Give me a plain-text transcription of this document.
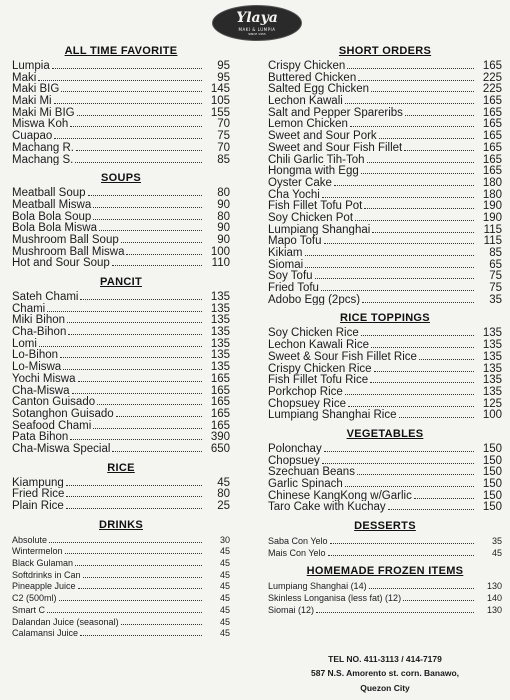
Ylaya
MAKI & LUMPIA
SINCE 1955
ALL TIME FAVORITE
Lumpia	95
Maki	95
Maki BIG	145
Maki Mi	105
Maki Mi BIG	155
Miswa Koh	70
Cuapao	75
Machang R.	70
Machang S.	85
SOUPS
Meatball Soup	80
Meatball Miswa	90
Bola Bola Soup	80
Bola Bola Miswa	90
Mushroom Ball Soup	90
Mushroom Ball Miswa	100
Hot and Sour Soup	110
PANCIT
Sateh Chami	135
Chami	135
Miki Bihon	135
Cha-Bihon	135
Lomi	135
Lo-Bihon	135
Lo-Miswa	135
Yochi Miswa	165
Cha-Miswa	165
Canton Guisado	165
Sotanghon Guisado	165
Seafood Chami	165
Pata Bihon	390
Cha-Miswa Special	650
RICE
Kiampung	45
Fried Rice	80
Plain Rice	25
DRINKS
Absolute	30
Wintermelon	45
Black Gulaman	45
Softdrinks in Can	45
Pineapple Juice	45
C2 (500ml)	45
Smart C	45
Dalandan Juice (seasonal)	45
Calamansi Juice	45
SHORT ORDERS
Crispy Chicken	165
Buttered Chicken	225
Salted Egg Chicken	225
Lechon Kawali	165
Salt and Pepper Spareribs	165
Lemon Chicken	165
Sweet and Sour Pork	165
Sweet and Sour Fish Fillet	165
Chili Garlic Tih-Toh	165
Hongma with Egg	165
Oyster Cake	180
Cha Yochi	180
Fish Fillet Tofu Pot	190
Soy Chicken Pot	190
Lumpiang Shanghai	115
Mapo Tofu	115
Kikiam	85
Siomai	65
Soy Tofu	75
Fried Tofu	75
Adobo Egg (2pcs)	35
RICE TOPPINGS
Soy Chicken Rice	135
Lechon Kawali Rice	135
Sweet & Sour Fish Fillet Rice	135
Crispy Chicken Rice	135
Fish Fillet Tofu Rice	135
Porkchop Rice	135
Chopsuey Rice	125
Lumpiang Shanghai Rice	100
VEGETABLES
Polonchay	150
Chopsuey	150
Szechuan Beans	150
Garlic Spinach	150
Chinese KangKong w/Garlic	150
Taro Cake with Kuchay	150
DESSERTS
Saba Con Yelo	35
Mais Con Yelo	45
HOMEMADE FROZEN ITEMS
Lumpiang Shanghai (14)	130
Skinless Longanisa (less fat) (12)	140
Siomai (12)	130
TEL NO. 411-3113 / 414-7179
587 N.S. Amorento st. corn. Banawo,
Quezon City
